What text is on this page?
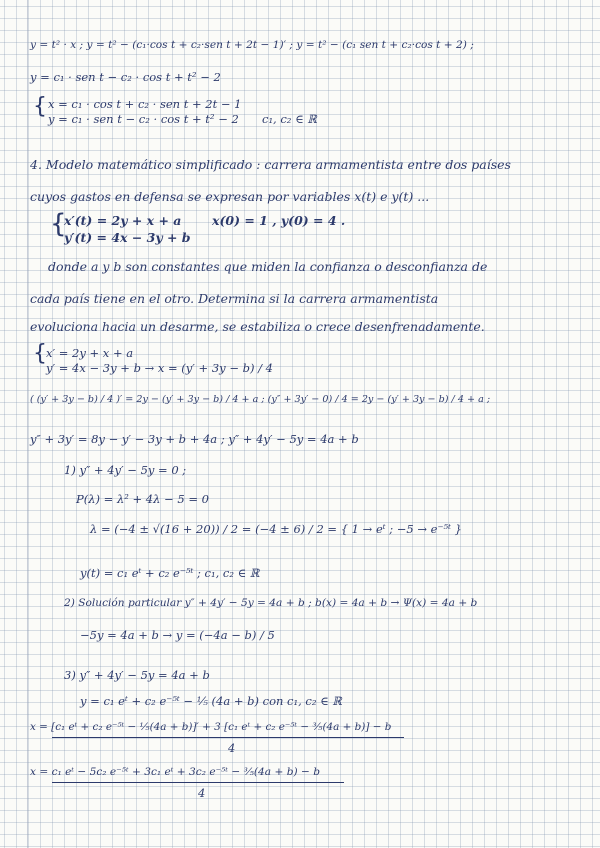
y = t² · x ; y = t² − (c₁·cos t + c₂·sen t + 2t − 1)′ ; y = t² − (c₁ sen t + c₂·cos t + 2) ;
y = c₁ · sen t − c₂ · cos t + t² − 2
{ x = c₁ · cos t + c₂ · sen t + 2t − 1
y = c₁ · sen t − c₂ · cos t + t² − 2 c₁, c₂ ∈ ℝ
4. Modelo matemático simplificado : carrera armamentista entre dos países
cuyos gastos en defensa se expresan por variables x(t) e y(t) ...
{
x′(t) = 2y + x + a
y′(t) = 4x − 3y + b
x(0) = 1 , y(0) = 4 .
donde a y b son constantes que miden la confianza o desconfianza de
cada país tiene en el otro. Determina si la carrera armamentista
evoluciona hacia un desarme, se estabiliza o crece desenfrenadamente.
{ x′ = 2y + x + a
y′ = 4x − 3y + b → x = (y′ + 3y − b) / 4
( (y′ + 3y − b) / 4 )′ = 2y − (y′ + 3y − b) / 4 + a ; (y″ + 3y′ − 0) / 4 = 2y − (y′ + 3y − b) / 4 + a ;
y″ + 3y′ = 8y − y′ − 3y + b + 4a ; y″ + 4y′ − 5y = 4a + b
1) y″ + 4y′ − 5y = 0 ;
P(λ) = λ² + 4λ − 5 = 0
λ = (−4 ± √(16 + 20)) / 2 = (−4 ± 6) / 2 = { 1 → eᵗ ; −5 → e⁻⁵ᵗ }
y(t) = c₁ eᵗ + c₂ e⁻⁵ᵗ ; c₁, c₂ ∈ ℝ
2) Solución particular y″ + 4y′ − 5y = 4a + b ; b(x) = 4a + b → Ψ(x) = 4a + b
−5y = 4a + b → y = (−4a − b) / 5
3) y″ + 4y′ − 5y = 4a + b
y = c₁ eᵗ + c₂ e⁻⁵ᵗ − ⅕ (4a + b) con c₁, c₂ ∈ ℝ
x = [c₁ eᵗ + c₂ e⁻⁵ᵗ − ⅕(4a + b)]′ + 3 [c₁ eᵗ + c₂ e⁻⁵ᵗ − ⅗(4a + b)] − b
4
x = c₁ eᵗ − 5c₂ e⁻⁵ᵗ + 3c₁ eᵗ + 3c₂ e⁻⁵ᵗ − ⅗(4a + b) − b
4
